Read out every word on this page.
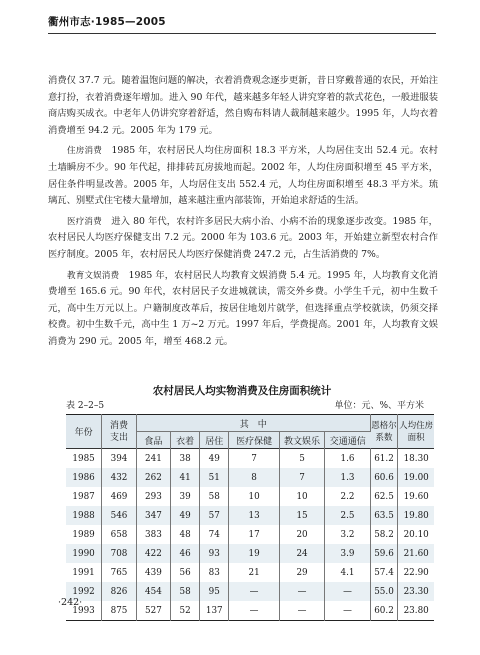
衢州市志·1985—2005

消费仅 37.7 元。随着温饱问题的解决，衣着消费观念逐步更新，昔日穿戴普通的农民，开始注意打扮，衣着消费逐年增加。进入 90 年代，越来越多年轻人讲究穿着的款式花色，一般进服装商店购买成衣。中老年人仍讲究穿着舒适，然自购布料请人裁制越来越少。1995 年，人均衣着消费增至 94.2 元。2005 年为 179 元。

住房消费　 1985 年，农村居民人均住房面积 18.3 平方米，人均居住支出 52.4 元。农村土墙瞬房不少。90 年代起，排排砖瓦房拔地而起。2002 年，人均住房面积增至 45 平方米，居住条件明显改善。2005 年，人均居住支出 552.4 元，人均住房面积增至 48.3 平方米。琉璃瓦、别墅式住宅楼大量增加，越来越注重内部装饰，开始追求舒适的生活。

医疗消费　 进入 80 年代，农村许多居民大病小治、小病不治的现象逐步改变。1985 年，农村居民人均医疗保健支出 7.2 元。2000 年为 103.6 元。2003 年，开始建立新型农村合作医疗制度。2005 年，农村居民人均医疗保健消费 247.2 元，占生活消费的 7%。

教育文娱消费　 1985 年，农村居民人均教育文娱消费 5.4 元。1995 年，人均教育文化消费增至 165.6 元。90 年代，农村居民子女进城就读，需交外乡费。小学生千元，初中生数千元，高中生万元以上。户籍制度改革后，按居住地划片就学，但选择重点学校就读，仍须交择校费。初中生数千元，高中生 1 万~2 万元。1997 年后，学费提高。2001 年，人均教育文娱消费为 290 元。2005 年，增至 468.2 元。

农村居民人均实物消费及住房面积统计
表 2–2–5	单位：元、%、平方米
年份	消费支出	其　中						恩格尔系数	人均住房面积
		食品	衣着	居住	医疗保健	教文娱乐	交通通信		
1985	394	241	38	49	7	5	1.6	61.2	18.30
1986	432	262	41	51	8	7	1.3	60.6	19.00
1987	469	293	39	58	10	10	2.2	62.5	19.60
1988	546	347	49	57	13	15	2.5	63.5	19.80
1989	658	383	48	74	17	20	3.2	58.2	20.10
1990	708	422	46	93	19	24	3.9	59.6	21.60
1991	765	439	56	83	21	29	4.1	57.4	22.90
1992	826	454	58	95	—	—	—	55.0	23.30
1993	875	527	52	137	—	—	—	60.2	23.80
·242·
